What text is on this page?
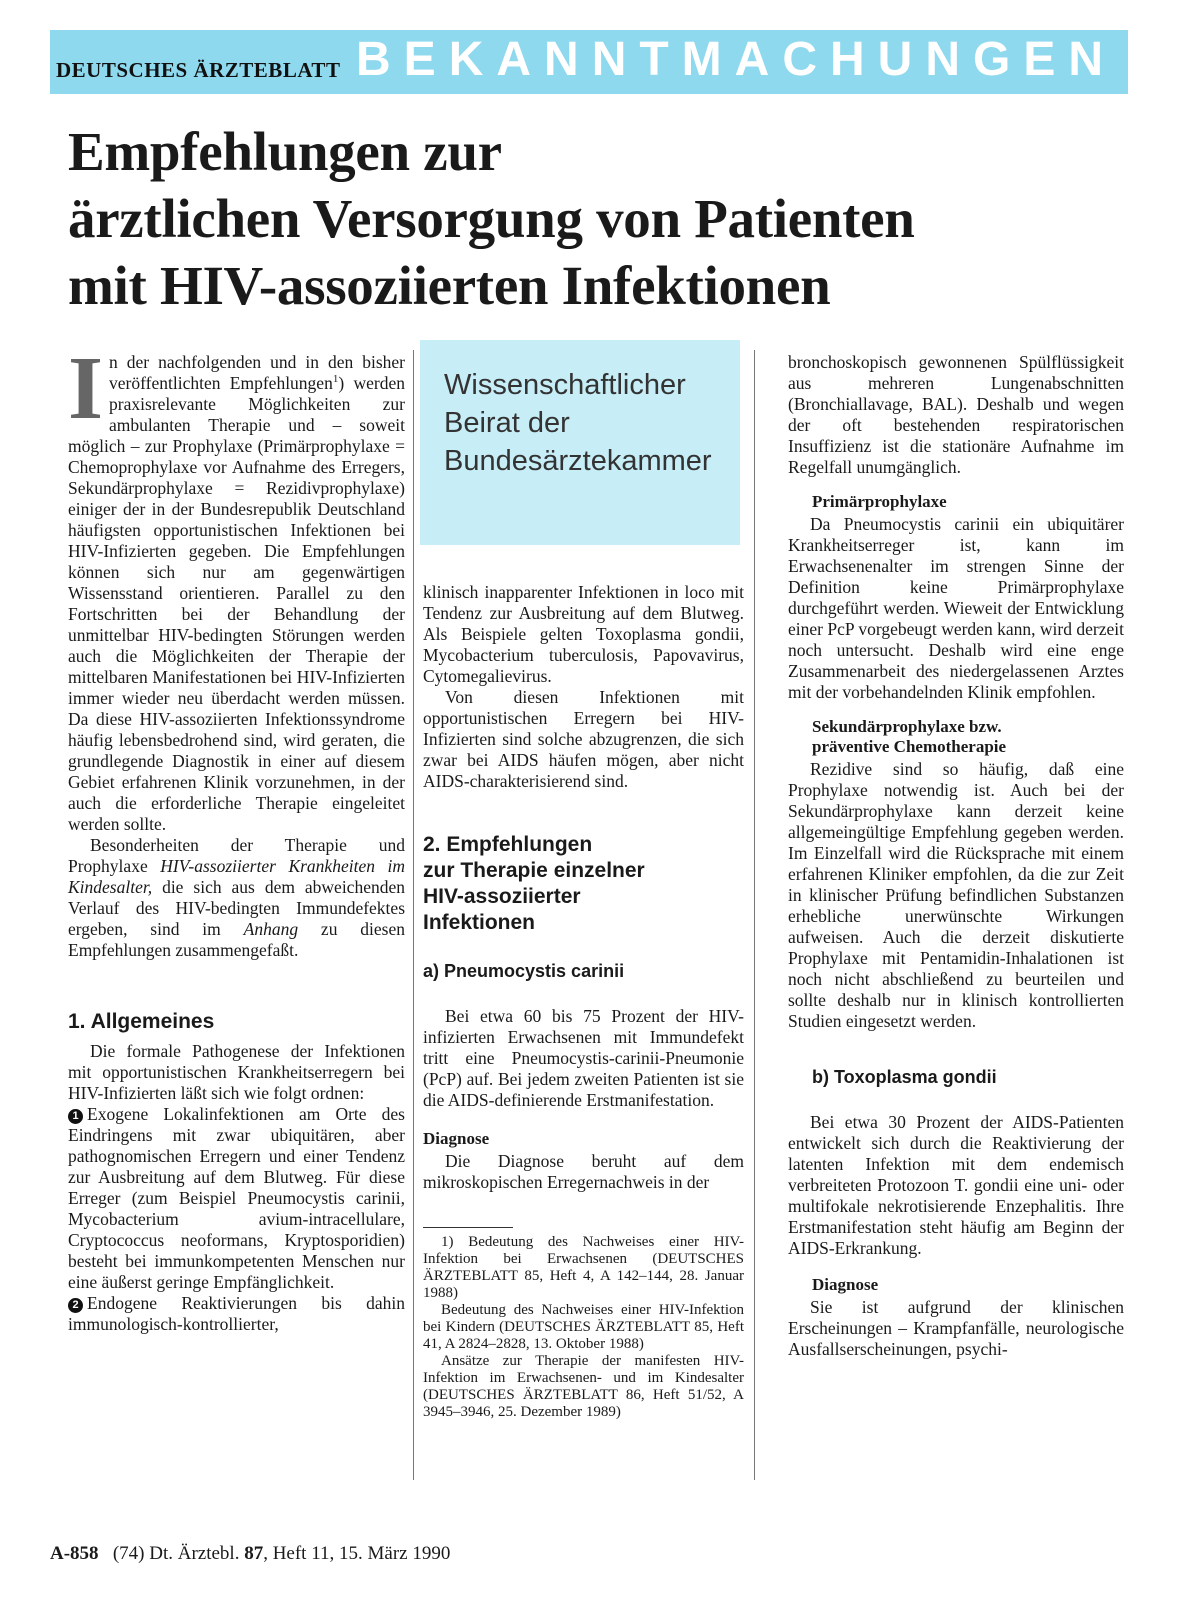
DEUTSCHES ÄRZTEBLATT BEKANNTMACHUNGEN
Empfehlungen zur
ärztlichen Versorgung von Patienten
mit HIV-assoziierten Infektionen

In der nachfolgenden und in den bisher veröffentlichten Empfehlungen$^1$) werden praxisrelevante Möglichkeiten zur ambulanten Therapie und – soweit möglich – zur Prophylaxe (Primärprophylaxe = Chemoprophylaxe vor Aufnahme des Erregers, Sekundärprophylaxe = Rezidivprophylaxe) einiger der in der Bundesrepublik Deutschland häufigsten opportunistischen Infektionen bei HIV-Infizierten gegeben. Die Empfehlungen können sich nur am gegenwärtigen Wissensstand orientieren. Parallel zu den Fortschritten bei der Behandlung der unmittelbar HIV-bedingten Störungen werden auch die Möglichkeiten der Therapie der mittelbaren Manifestationen bei HIV-Infizierten immer wieder neu überdacht werden müssen. Da diese HIV-assoziierten Infektionssyndrome häufig lebensbedrohend sind, wird geraten, die grundlegende Diagnostik in einer auf diesem Gebiet erfahrenen Klinik vorzunehmen, in der auch die erforderliche Therapie eingeleitet werden sollte.

Besonderheiten der Therapie und Prophylaxe HIV-assoziierter Krankheiten im Kindesalter, die sich aus dem abweichenden Verlauf des HIV-bedingten Immundefektes ergeben, sind im Anhang zu diesen Empfehlungen zusammengefaßt.

1. Allgemeines

Die formale Pathogenese der Infektionen mit opportunistischen Krankheitserregern bei HIV-Infizierten läßt sich wie folgt ordnen:

1 Exogene Lokalinfektionen am Orte des Eindringens mit zwar ubiquitären, aber pathognomischen Erregern und einer Tendenz zur Ausbreitung auf dem Blutweg. Für diese Erreger (zum Beispiel Pneumocystis carinii, Mycobacterium avium-intracellulare, Cryptococcus neoformans, Kryptosporidien) besteht bei immunkompetenten Menschen nur eine äußerst geringe Empfänglichkeit.

2 Endogene Reaktivierungen bis dahin immunologisch-kontrollierter,

Wissenschaftlicher
Beirat der
Bundesärztekammer

klinisch inapparenter Infektionen in loco mit Tendenz zur Ausbreitung auf dem Blutweg. Als Beispiele gelten Toxoplasma gondii, Mycobacterium tuberculosis, Papovavirus, Cytomegalievirus.

Von diesen Infektionen mit opportunistischen Erregern bei HIV-Infizierten sind solche abzugrenzen, die sich zwar bei AIDS häufen mögen, aber nicht AIDS-charakterisierend sind.

2. Empfehlungen
zur Therapie einzelner
HIV-assoziierter
Infektionen
a) Pneumocystis carinii

Bei etwa 60 bis 75 Prozent der HIV-infizierten Erwachsenen mit Immundefekt tritt eine Pneumocystis-carinii-Pneumonie (PcP) auf. Bei jedem zweiten Patienten ist sie die AIDS-definierende Erstmanifestation.

Diagnose

Die Diagnose beruht auf dem mikroskopischen Erregernachweis in der

1) Bedeutung des Nachweises einer HIV-Infektion bei Erwachsenen (DEUTSCHES ÄRZTEBLATT 85, Heft 4, A 142–144, 28. Januar 1988)

Bedeutung des Nachweises einer HIV-Infektion bei Kindern (DEUTSCHES ÄRZTEBLATT 85, Heft 41, A 2824–2828, 13. Oktober 1988)

Ansätze zur Therapie der manifesten HIV-Infektion im Erwachsenen- und im Kindesalter (DEUTSCHES ÄRZTEBLATT 86, Heft 51/52, A 3945–3946, 25. Dezember 1989)

bronchoskopisch gewonnenen Spülflüssigkeit aus mehreren Lungenabschnitten (Bronchiallavage, BAL). Deshalb und wegen der oft bestehenden respiratorischen Insuffizienz ist die stationäre Aufnahme im Regelfall unumgänglich.

Primärprophylaxe

Da Pneumocystis carinii ein ubiquitärer Krankheitserreger ist, kann im Erwachsenenalter im strengen Sinne der Definition keine Primärprophylaxe durchgeführt werden. Wieweit der Entwicklung einer PcP vorgebeugt werden kann, wird derzeit noch untersucht. Deshalb wird eine enge Zusammenarbeit des niedergelassenen Arztes mit der vorbehandelnden Klinik empfohlen.

Sekundärprophylaxe bzw.
präventive Chemotherapie

Rezidive sind so häufig, daß eine Prophylaxe notwendig ist. Auch bei der Sekundärprophylaxe kann derzeit keine allgemeingültige Empfehlung gegeben werden. Im Einzelfall wird die Rücksprache mit einem erfahrenen Kliniker empfohlen, da die zur Zeit in klinischer Prüfung befindlichen Substanzen erhebliche unerwünschte Wirkungen aufweisen. Auch die derzeit diskutierte Prophylaxe mit Pentamidin-Inhalationen ist noch nicht abschließend zu beurteilen und sollte deshalb nur in klinisch kontrollierten Studien eingesetzt werden.

b) Toxoplasma gondii

Bei etwa 30 Prozent der AIDS-Patienten entwickelt sich durch die Reaktivierung der latenten Infektion mit dem endemisch verbreiteten Protozoon T. gondii eine uni- oder multifokale nekrotisierende Enzephalitis. Ihre Erstmanifestation steht häufig am Beginn der AIDS-Erkrankung.

Diagnose

Sie ist aufgrund der klinischen Erscheinungen – Krampfanfälle, neurologische Ausfallserscheinungen, psychi-

A-858 (74) Dt. Ärztebl. 87, Heft 11, 15. März 1990
